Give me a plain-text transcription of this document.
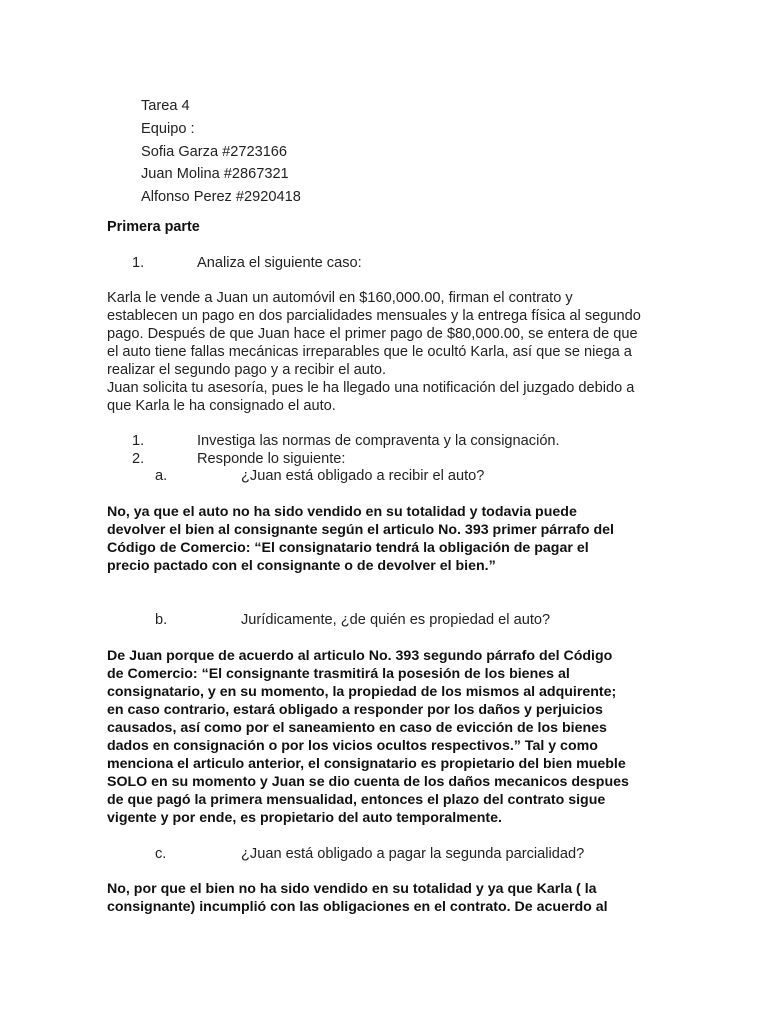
Tarea 4
Equipo :
Sofia Garza #2723166
Juan Molina #2867321
Alfonso Perez #2920418
Primera parte
1.	Analiza el siguiente caso:
Karla le vende a Juan un automóvil en $160,000.00, firman el contrato y
establecen un pago en dos parcialidades mensuales y la entrega física al segundo
pago. Después de que Juan hace el primer pago de $80,000.00, se entera de que
el auto tiene fallas mecánicas irreparables que le ocultó Karla, así que se niega a
realizar el segundo pago y a recibir el auto.
Juan solicita tu asesoría, pues le ha llegado una notificación del juzgado debido a
que Karla le ha consignado el auto.
1.	Investiga las normas de compraventa y la consignación.
2.	Responde lo siguiente:
a.	¿Juan está obligado a recibir el auto?
No, ya que el auto no ha sido vendido en su totalidad y todavia puede
devolver el bien al consignante según el articulo No. 393 primer párrafo del
Código de Comercio: “El consignatario tendrá la obligación de pagar el
precio pactado con el consignante o de devolver el bien.”
b.	Jurídicamente, ¿de quién es propiedad el auto?
De Juan porque de acuerdo al articulo No. 393 segundo párrafo del Código
de Comercio: “El consignante trasmitirá la posesión de los bienes al
consignatario, y en su momento, la propiedad de los mismos al adquirente;
en caso contrario, estará obligado a responder por los daños y perjuicios
causados, así como por el saneamiento en caso de evicción de los bienes
dados en consignación o por los vicios ocultos respectivos.” Tal y como
menciona el articulo anterior, el consignatario es propietario del bien mueble
SOLO en su momento y Juan se dio cuenta de los daños mecanicos despues
de que pagó la primera mensualidad, entonces el plazo del contrato sigue
vigente y por ende, es propietario del auto temporalmente.
c.	¿Juan está obligado a pagar la segunda parcialidad?
No, por que el bien no ha sido vendido en su totalidad y ya que Karla ( la
consignante) incumplió con las obligaciones en el contrato. De acuerdo al
